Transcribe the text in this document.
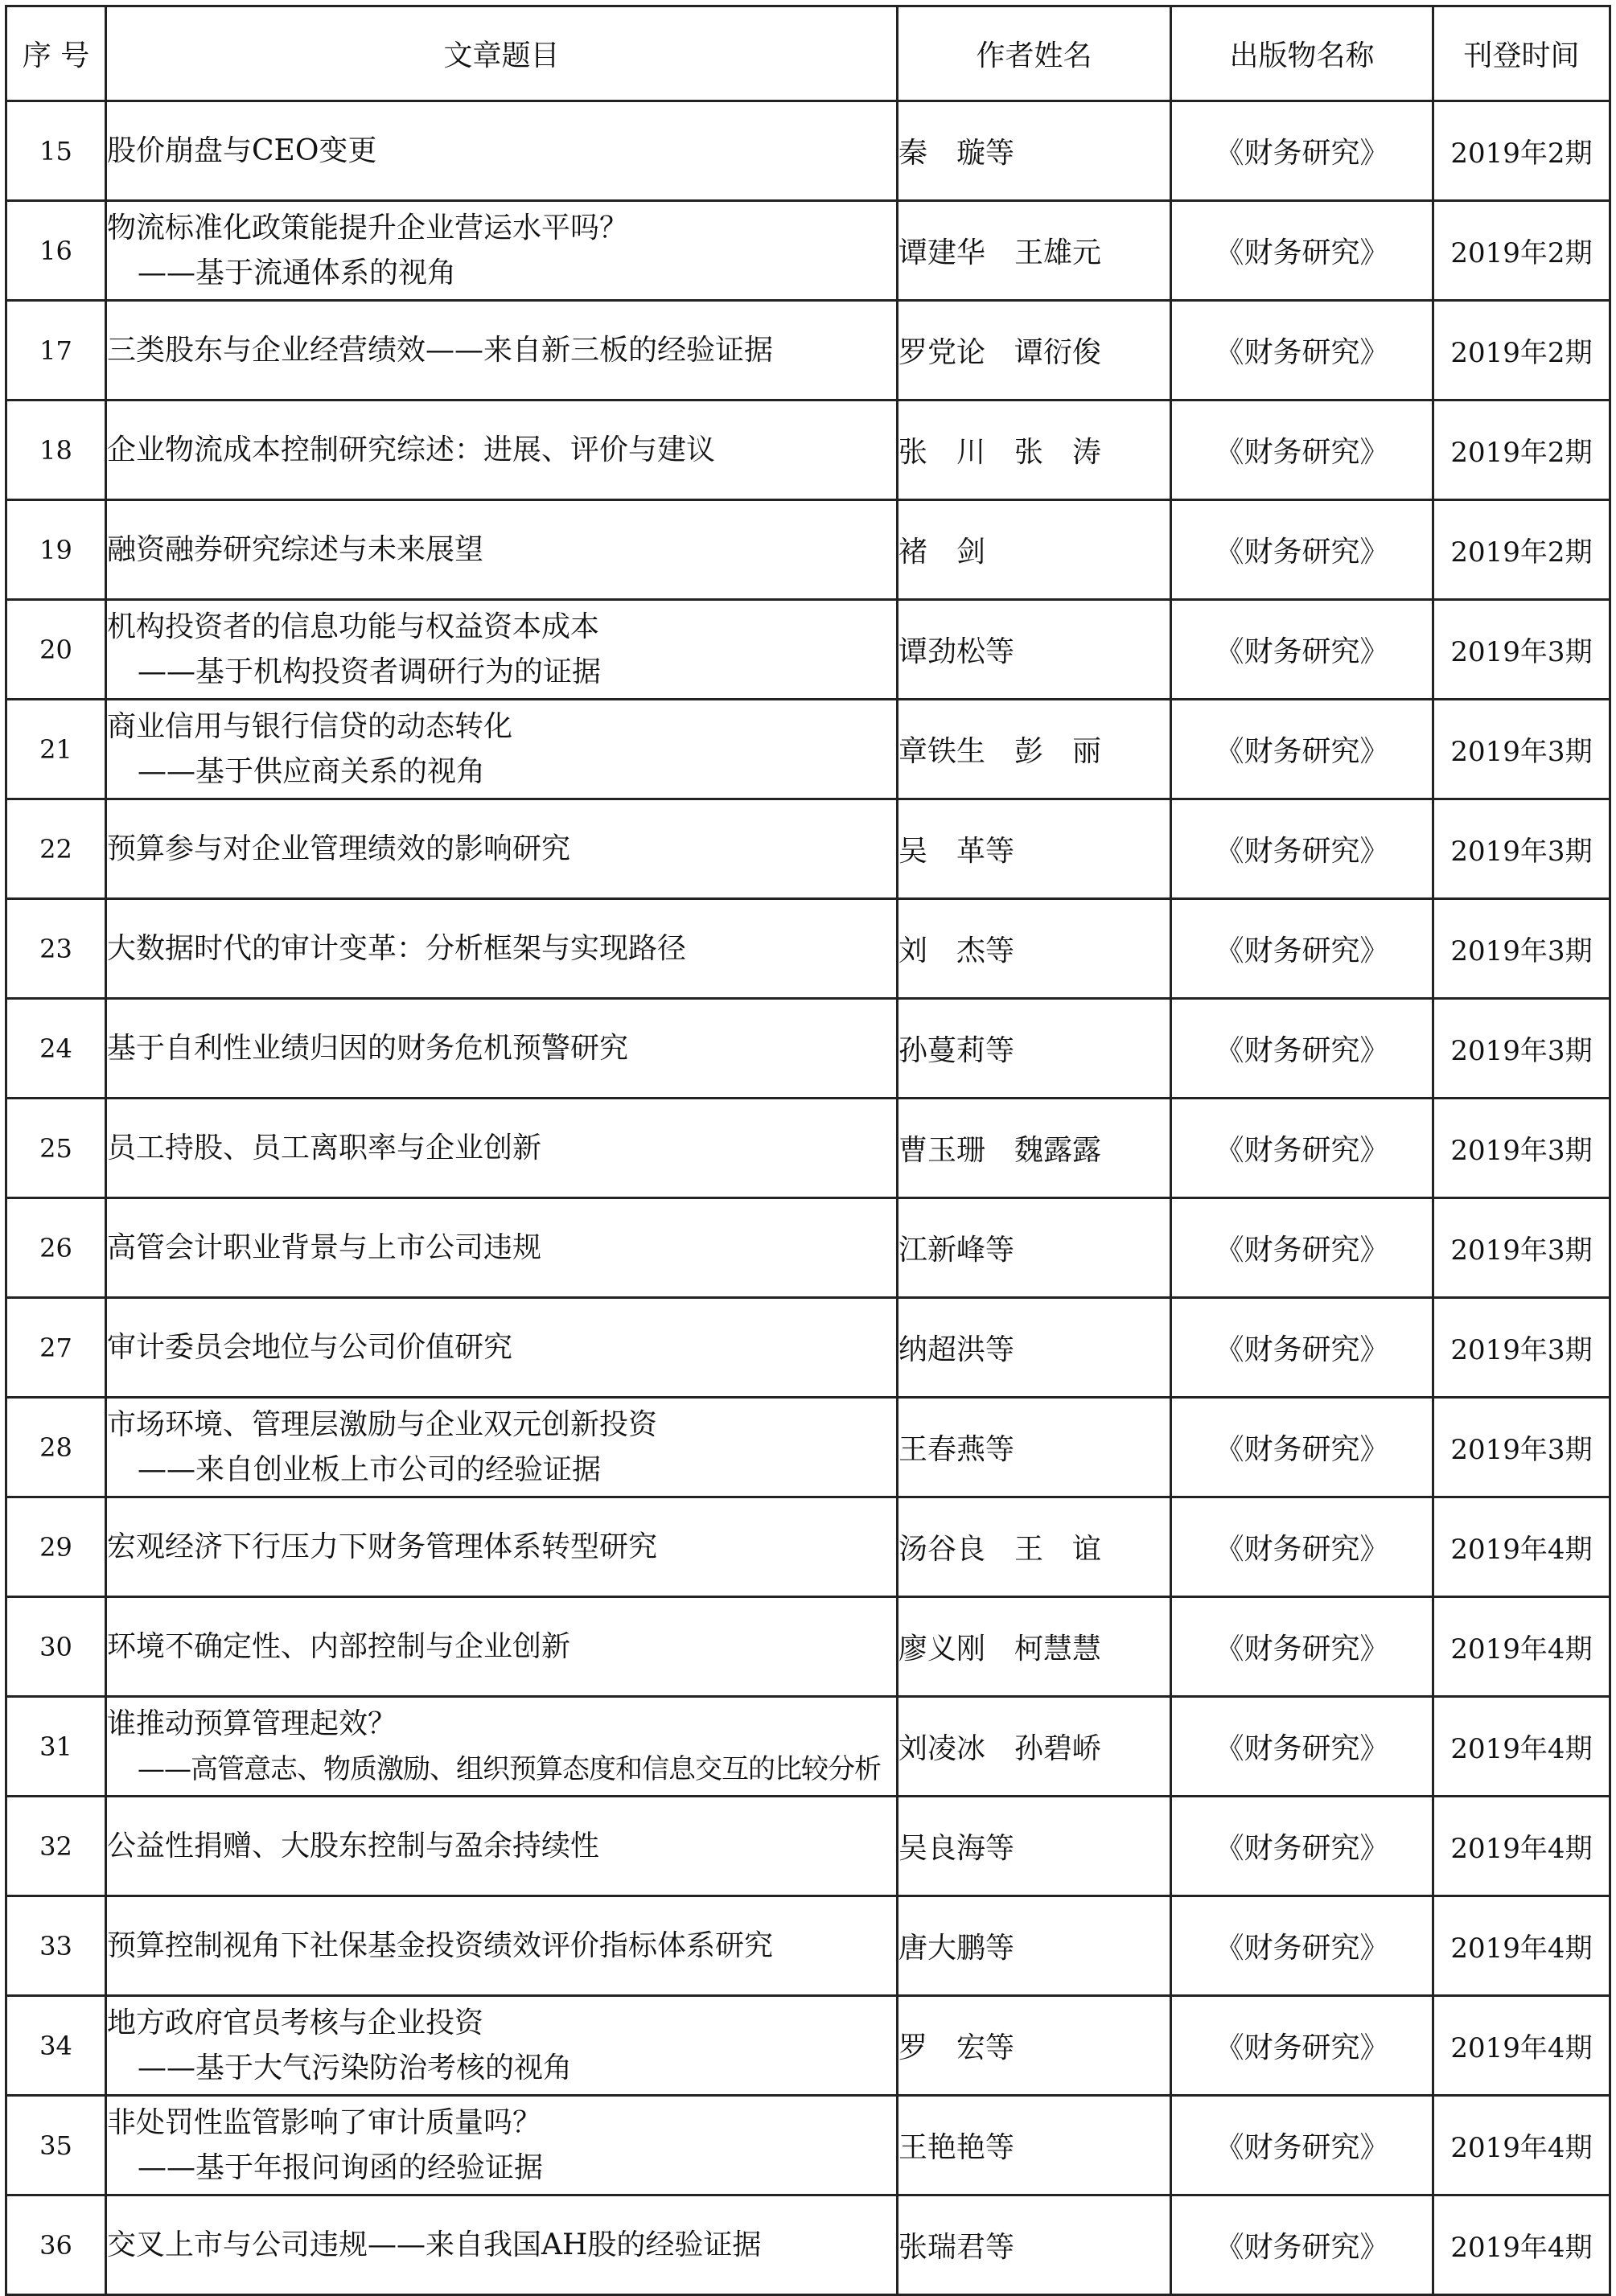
序 号	文章题目	作者姓名	出版物名称	刊登时间
15	股价崩盘与CEO变更	秦　璇等	《财务研究》	2019年2期
16	物流标准化政策能提升企业营运水平吗？
——基于流通体系的视角	谭建华　王雄元	《财务研究》	2019年2期
17	三类股东与企业经营绩效——来自新三板的经验证据	罗党论　谭衍俊	《财务研究》	2019年2期
18	企业物流成本控制研究综述：进展、评价与建议	张　川　张　涛	《财务研究》	2019年2期
19	融资融券研究综述与未来展望	褚　剑	《财务研究》	2019年2期
20	机构投资者的信息功能与权益资本成本
——基于机构投资者调研行为的证据	谭劲松等	《财务研究》	2019年3期
21	商业信用与银行信贷的动态转化
——基于供应商关系的视角	章铁生　彭　丽	《财务研究》	2019年3期
22	预算参与对企业管理绩效的影响研究	吴　革等	《财务研究》	2019年3期
23	大数据时代的审计变革：分析框架与实现路径	刘　杰等	《财务研究》	2019年3期
24	基于自利性业绩归因的财务危机预警研究	孙蔓莉等	《财务研究》	2019年3期
25	员工持股、员工离职率与企业创新	曹玉珊　魏露露	《财务研究》	2019年3期
26	高管会计职业背景与上市公司违规	江新峰等	《财务研究》	2019年3期
27	审计委员会地位与公司价值研究	纳超洪等	《财务研究》	2019年3期
28	市场环境、管理层激励与企业双元创新投资
——来自创业板上市公司的经验证据	王春燕等	《财务研究》	2019年3期
29	宏观经济下行压力下财务管理体系转型研究	汤谷良　王　谊	《财务研究》	2019年4期
30	环境不确定性、内部控制与企业创新	廖义刚　柯慧慧	《财务研究》	2019年4期
31	谁推动预算管理起效？
——高管意志、物质激励、组织预算态度和信息交互的比较分析	刘凌冰　孙碧峤	《财务研究》	2019年4期
32	公益性捐赠、大股东控制与盈余持续性	吴良海等	《财务研究》	2019年4期
33	预算控制视角下社保基金投资绩效评价指标体系研究	唐大鹏等	《财务研究》	2019年4期
34	地方政府官员考核与企业投资
——基于大气污染防治考核的视角	罗　宏等	《财务研究》	2019年4期
35	非处罚性监管影响了审计质量吗？
——基于年报问询函的经验证据	王艳艳等	《财务研究》	2019年4期
36	交叉上市与公司违规——来自我国AH股的经验证据	张瑞君等	《财务研究》	2019年4期
